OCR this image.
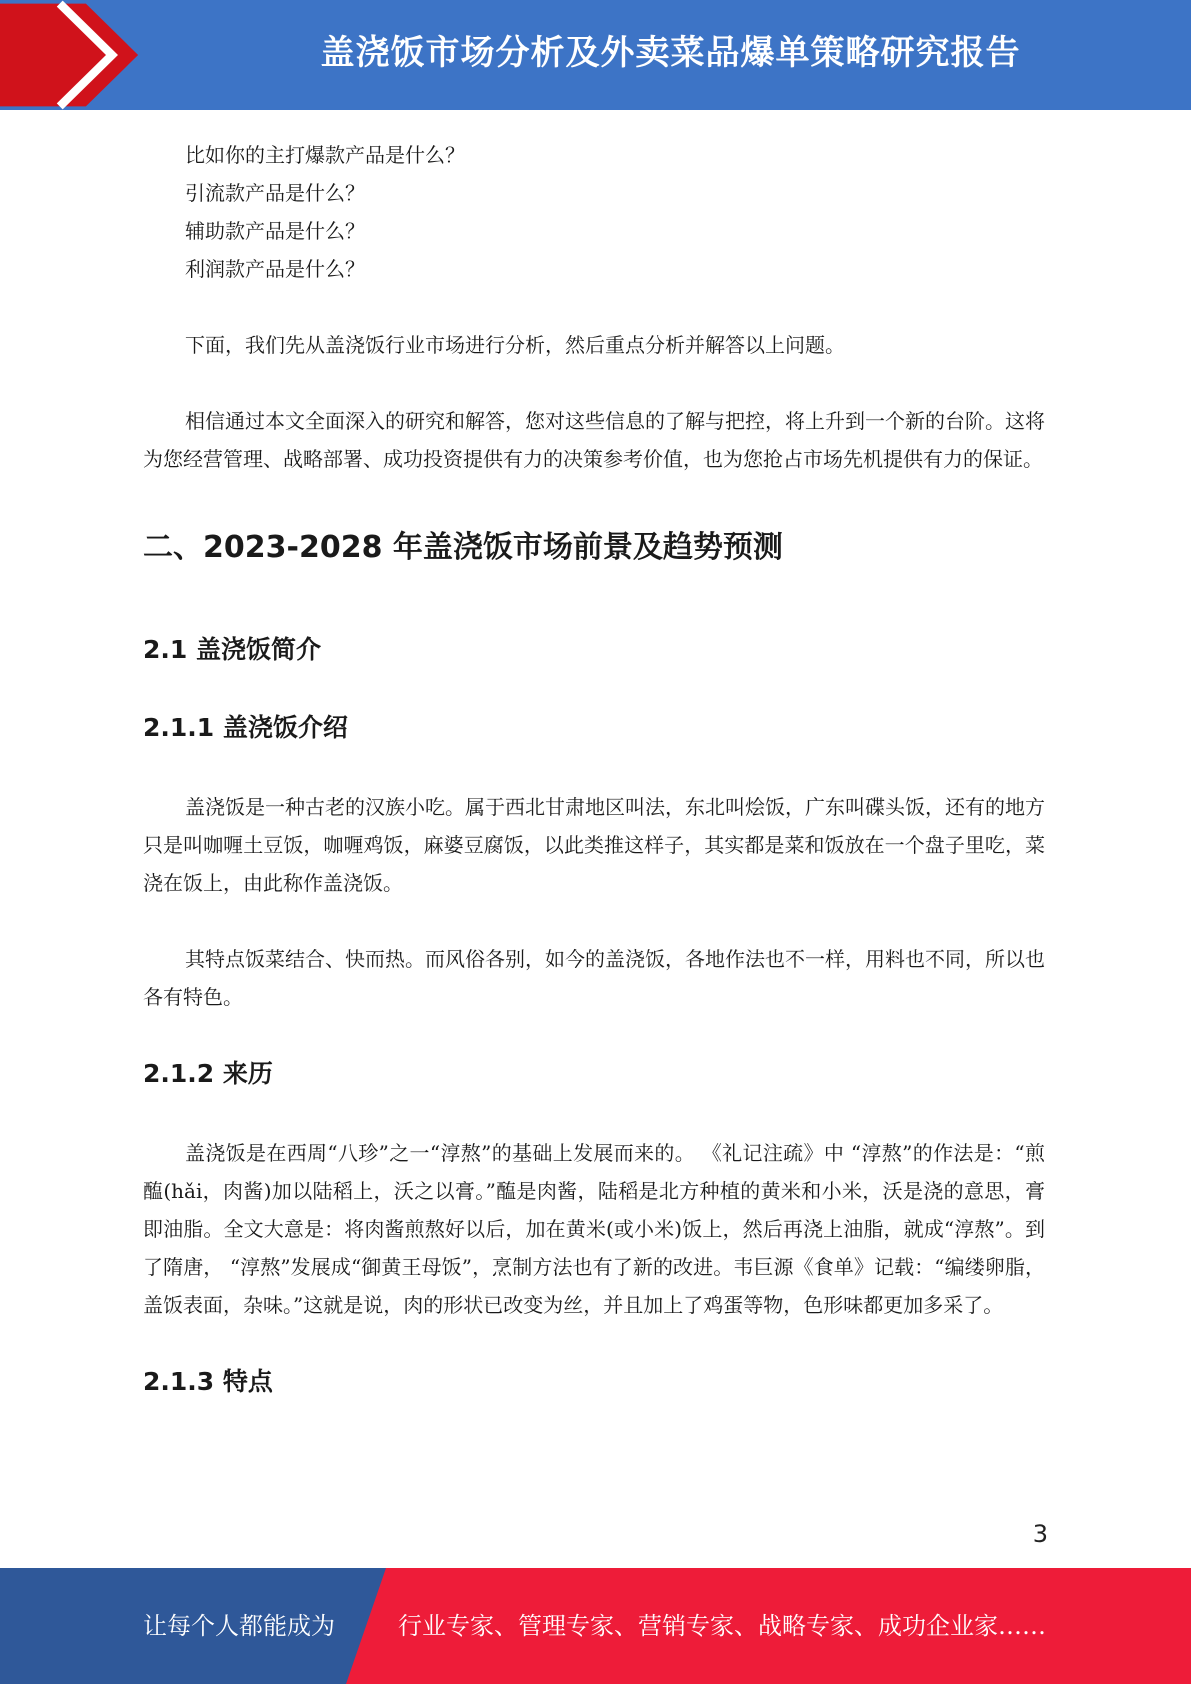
盖浇饭市场分析及外卖菜品爆单策略研究报告

比如你的主打爆款产品是什么？

引流款产品是什么？

辅助款产品是什么？

利润款产品是什么？

下面，我们先从盖浇饭行业市场进行分析，然后重点分析并解答以上问题。

相信通过本文全面深入的研究和解答，您对这些信息的了解与把控，将上升到一个新的台阶。这将为您经营管理、战略部署、成功投资提供有力的决策参考价值，也为您抢占市场先机提供有力的保证。

二、2023-2028 年盖浇饭市场前景及趋势预测
2.1 盖浇饭简介
2.1.1 盖浇饭介绍

盖浇饭是一种古老的汉族小吃。属于西北甘肃地区叫法，东北叫烩饭，广东叫碟头饭，还有的地方只是叫咖喱土豆饭，咖喱鸡饭，麻婆豆腐饭，以此类推这样子，其实都是菜和饭放在一个盘子里吃，菜浇在饭上，由此称作盖浇饭。

其特点饭菜结合、快而热。而风俗各别，如今的盖浇饭，各地作法也不一样，用料也不同，所以也各有特色。

2.1.2 来历

盖浇饭是在西周“八珍”之一“淳熬”的基础上发展而来的。 《礼记注疏》中 “淳熬”的作法是：“煎醢(hǎi，肉酱)加以陆稻上，沃之以膏。”醢是肉酱，陆稻是北方种植的黄米和小米，沃是浇的意思，膏即油脂。全文大意是：将肉酱煎熬好以后，加在黄米(或小米)饭上，然后再浇上油脂，就成“淳熬”。到了隋唐， “淳熬”发展成“御黄王母饭”，烹制方法也有了新的改进。韦巨源《食单》记载：“编缕卵脂，盖饭表面，杂味。”这就是说，肉的形状已改变为丝，并且加上了鸡蛋等物，色形味都更加多采了。

2.1.3 特点
3
让每个人都能成为	行业专家、管理专家、营销专家、战略专家、成功企业家……
